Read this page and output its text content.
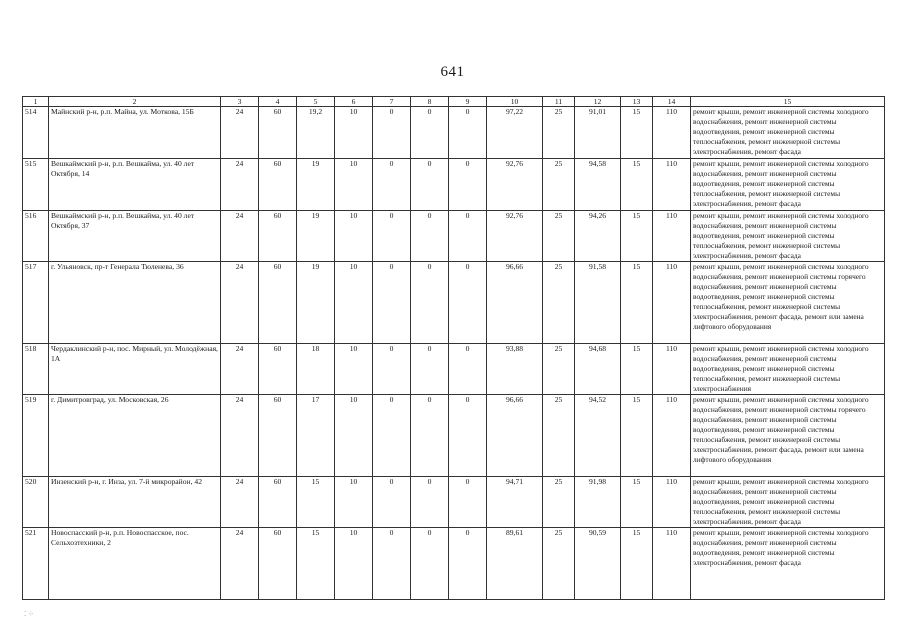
641
1	2	3	4	5	6	7	8	9	10	11	12	13	14	15
514	Майнский р-н, р.п. Майна, ул. Моткова, 15Б	24	60	19,2	10	0	0	0	97,22	25	91,01	15	110	ремонт крыши, ремонт инженерной системы холодного водоснабжения, ремонт инженерной системы водоотведения, ремонт инженерной системы теплоснабжения, ремонт инженерной системы электроснабжения, ремонт фасада
515	Вешкаймский р-н, р.п. Вешкайма, ул. 40 лет Октября, 14	24	60	19	10	0	0	0	92,76	25	94,58	15	110	ремонт крыши, ремонт инженерной системы холодного водоснабжения, ремонт инженерной системы водоотведения, ремонт инженерной системы теплоснабжения, ремонт инженерной системы электроснабжения, ремонт фасада
516	Вешкаймский р-н, р.п. Вешкайма, ул. 40 лет Октября, 37	24	60	19	10	0	0	0	92,76	25	94,26	15	110	ремонт крыши, ремонт инженерной системы холодного водоснабжения, ремонт инженерной системы водоотведения, ремонт инженерной системы теплоснабжения, ремонт инженерной системы электроснабжения, ремонт фасада
517	г. Ульяновск, пр-т Генерала Тюленева, 36	24	60	19	10	0	0	0	96,66	25	91,58	15	110	ремонт крыши, ремонт инженерной системы холодного водоснабжения, ремонт инженерной системы горячего водоснабжения, ремонт инженерной системы водоотведения, ремонт инженерной системы теплоснабжения, ремонт инженерной системы электроснабжения, ремонт фасада, ремонт или замена лифтового оборудования
518	Чердаклинский р-н, пос. Мирный, ул. Молодёжная, 1А	24	60	18	10	0	0	0	93,88	25	94,68	15	110	ремонт крыши, ремонт инженерной системы холодного водоснабжения, ремонт инженерной системы водоотведения, ремонт инженерной системы теплоснабжения, ремонт инженерной системы электроснабжения
519	г. Димитровград, ул. Московская, 26	24	60	17	10	0	0	0	96,66	25	94,52	15	110	ремонт крыши, ремонт инженерной системы холодного водоснабжения, ремонт инженерной системы горячего водоснабжения, ремонт инженерной системы водоотведения, ремонт инженерной системы теплоснабжения, ремонт инженерной системы электроснабжения, ремонт фасада, ремонт или замена лифтового оборудования
520	Инзенский р-н, г. Инза, ул. 7-й микрорайон, 42	24	60	15	10	0	0	0	94,71	25	91,98	15	110	ремонт крыши, ремонт инженерной системы холодного водоснабжения, ремонт инженерной системы водоотведения, ремонт инженерной системы теплоснабжения, ремонт инженерной системы электроснабжения, ремонт фасада
521	Новоспасский р-н, р.п. Новоспасское, пос. Сельхозтехники, 2	24	60	15	10	0	0	0	89,61	25	90,59	15	110	ремонт крыши, ремонт инженерной системы холодного водоснабжения, ремонт инженерной системы водоотведения, ремонт инженерной системы электроснабжения, ремонт фасада
⁚ ⁘
